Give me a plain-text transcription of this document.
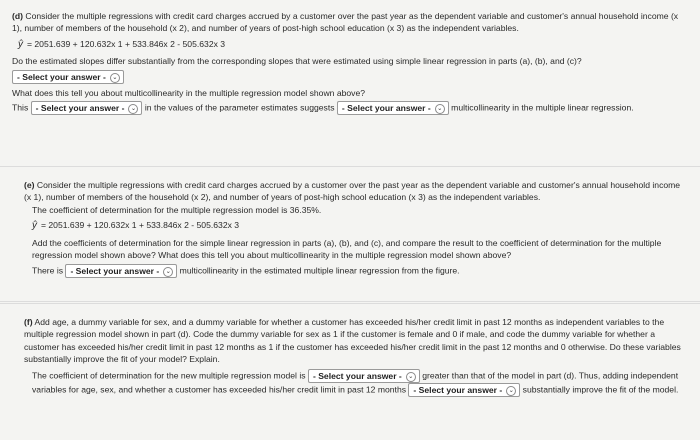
(d) Consider the multiple regressions with credit card charges accrued by a customer over the past year as the dependent variable and customer's annual household income (x 1), number of members of the household (x 2), and number of years of post-high school education (x 3) as the independent variables.
ŷ = 2051.639 + 120.632x 1 + 533.846x 2 - 505.632x 3
Do the estimated slopes differ substantially from the corresponding slopes that were estimated using simple linear regression in parts (a), (b), and (c)?
- Select your answer - ⌄
What does this tell you about multicollinearity in the multiple regression model shown above?
This - Select your answer - ⌄ in the values of the parameter estimates suggests - Select your answer - ⌄ multicollinearity in the multiple linear regression.
(e) Consider the multiple regressions with credit card charges accrued by a customer over the past year as the dependent variable and customer's annual household income (x 1), number of members of the household (x 2), and number of years of post-high school education (x 3) as the independent variables.
The coefficient of determination for the multiple regression model is 36.35%.
ŷ = 2051.639 + 120.632x 1 + 533.846x 2 - 505.632x 3
Add the coefficients of determination for the simple linear regression in parts (a), (b), and (c), and compare the result to the coefficient of determination for the multiple regression model shown above? What does this tell you about multicollinearity in the multiple regression model shown above?
There is - Select your answer - ⌄ multicollinearity in the estimated multiple linear regression from the figure.
(f) Add age, a dummy variable for sex, and a dummy variable for whether a customer has exceeded his/her credit limit in past 12 months as independent variables to the multiple regression model shown in part (d). Code the dummy variable for sex as 1 if the customer is female and 0 if male, and code the dummy variable for whether a customer has exceeded his/her credit limit in past 12 months as 1 if the customer has exceeded his/her credit limit in the past 12 months and 0 otherwise. Do these variables substantially improve the fit of your model? Explain.
The coefficient of determination for the new multiple regression model is - Select your answer - ⌄ greater than that of the model in part (d). Thus, adding independent variables for age, sex, and whether a customer has exceeded his/her credit limit in past 12 months - Select your answer - ⌄ substantially improve the fit of the model.
